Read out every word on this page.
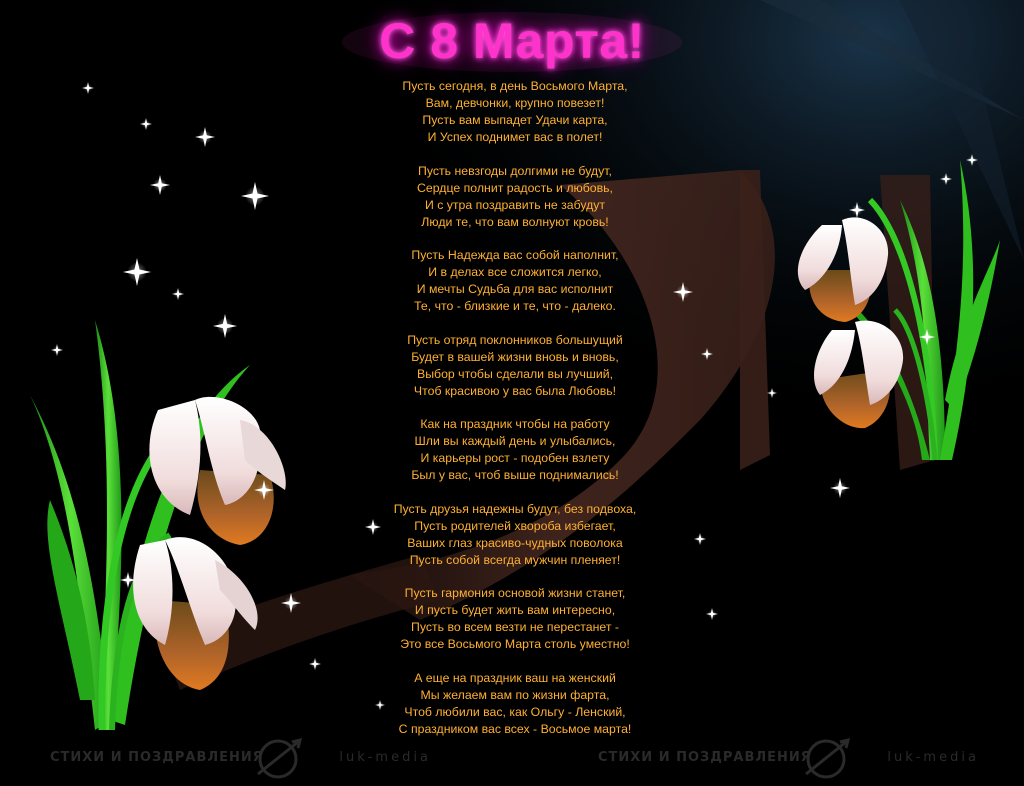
С 8 Марта!
Пусть сегодня, в день Восьмого Марта,
Вам, девчонки, крупно повезет!
Пусть вам выпадет Удачи карта,
И Успех поднимет вас в полет!
Пусть невзгоды долгими не будут,
Сердце полнит радость и любовь,
И с утра поздравить не забудут
Люди те, что вам волнуют кровь!
Пусть Надежда вас собой наполнит,
И в делах все сложится легко,
И мечты Судьба для вас исполнит
Те, что - близкие и те, что - далеко.
Пусть отряд поклонников большущий
Будет в вашей жизни вновь и вновь,
Выбор чтобы сделали вы лучший,
Чтоб красивою у вас была Любовь!
Как на праздник чтобы на работу
Шли вы каждый день и улыбались,
И карьеры рост - подобен взлету
Был у вас, чтоб выше поднимались!
Пусть друзья надежны будут, без подвоха,
Пусть родителей хвороба избегает,
Ваших глаз красиво-чудных поволока
Пусть собой всегда мужчин пленяет!
Пусть гармония основой жизни станет,
И пусть будет жить вам интересно,
Пусть во всем везти не перестанет -
Это все Восьмого Марта столь уместно!
А еще на праздник ваш на женский
Мы желаем вам по жизни фарта,
Чтоб любили вас, как Ольгу - Ленский,
С праздником вас всех - Восьмое марта!
СТИХИ И ПОЗДРАВЛЕНИЯ	luk-media	СТИХИ И ПОЗДРАВЛЕНИЯ	luk-media
